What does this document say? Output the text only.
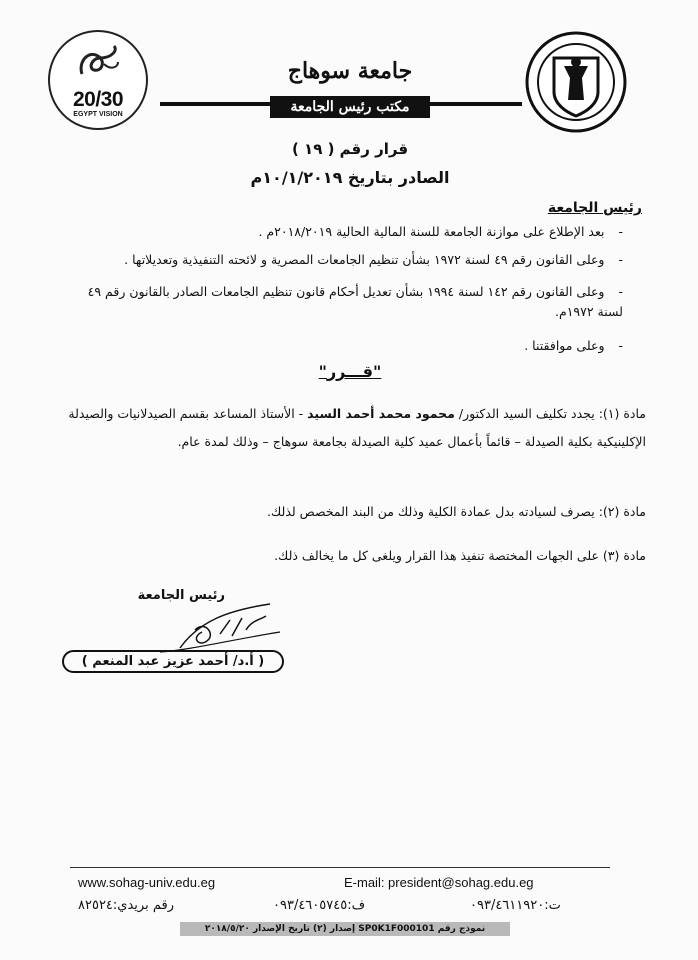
20/30
EGYPT VISION
جامعة سوهاج
مكتب رئيس الجامعة
قرار رقم ( ١٩ )
الصادر بتاريخ ١٠/١/٢٠١٩م
رئيس الجامعة
- بعد الإطلاع على موازنة الجامعة للسنة المالية الحالية ٢٠١٨/٢٠١٩م .
- وعلى القانون رقم ٤٩ لسنة ١٩٧٢ بشأن تنظيم الجامعات المصرية و لائحته التنفيذية وتعديلاتها .
- وعلى القانون رقم ١٤٢ لسنة ١٩٩٤ بشأن تعديل أحكام قانون تنظيم الجامعات الصادر بالقانون رقم ٤٩ لسنة ١٩٧٢م.
- وعلى موافقتنا .
"قـــرر"
مادة (١): يجدد تكليف السيد الدكتور/ محمود محمد أحمد السيد - الأستاذ المساعد بقسم الصيدلانيات والصيدلة الإكلينيكية بكلية الصيدلة – قائماً بأعمال عميد كلية الصيدلة بجامعة سوهاج – وذلك لمدة عام.
مادة (٢): يصرف لسيادته بدل عمادة الكلية وذلك من البند المخصص لذلك.
مادة (٣) على الجهات المختصة تنفيذ هذا القرار ويلغى كل ما يخالف ذلك.
رئيس الجامعة
( أ.د/ أحمد عزيز عبد المنعم )
www.sohag-univ.edu.eg	E-mail: president@sohag.edu.eg
رقم بريدي:٨٢٥٢٤	ف:٠٩٣/٤٦٠٥٧٤٥	ت:٠٩٣/٤٦١١٩٢٠
نموذج رقم SP0K1F000101 إصدار (٢) تاريخ الإصدار ٢٠١٨/٥/٢٠
